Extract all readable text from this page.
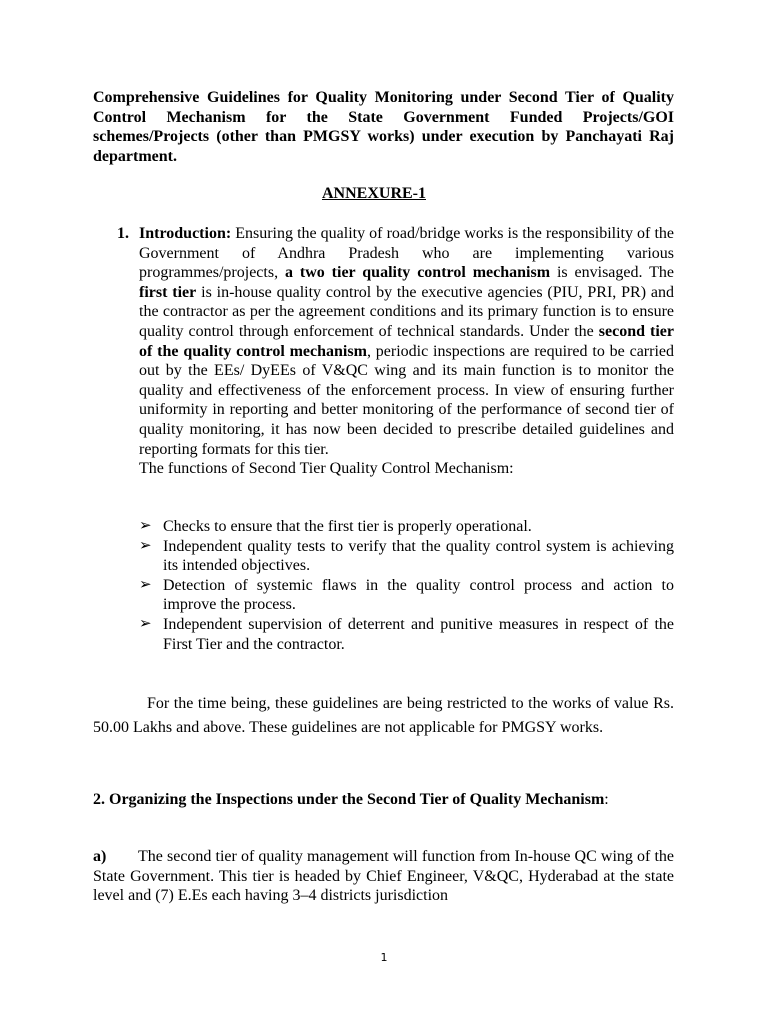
Comprehensive Guidelines for Quality Monitoring under Second Tier of Quality Control Mechanism for the State Government Funded Projects/GOI schemes/Projects (other than PMGSY works) under execution by Panchayati Raj department.

ANNEXURE-1
1. Introduction: Ensuring the quality of road/bridge works is the responsibility of the Government of Andhra Pradesh who are implementing various programmes/projects, a two tier quality control mechanism is envisaged. The first tier is in-house quality control by the executive agencies (PIU, PRI, PR) and the contractor as per the agreement conditions and its primary function is to ensure quality control through enforcement of technical standards. Under the second tier of the quality control mechanism, periodic inspections are required to be carried out by the EEs/ DyEEs of V&QC wing and its main function is to monitor the quality and effectiveness of the enforcement process. In view of ensuring further uniformity in reporting and better monitoring of the performance of second tier of quality monitoring, it has now been decided to prescribe detailed guidelines and reporting formats for this tier.
The functions of Second Tier Quality Control Mechanism:

➢ Checks to ensure that the first tier is properly operational.
➢ Independent quality tests to verify that the quality control system is achieving its intended objectives.
➢ Detection of systemic flaws in the quality control process and action to improve the process.
➢ Independent supervision of deterrent and punitive measures in respect of the First Tier and the contractor.

For the time being, these guidelines are being restricted to the works of value Rs. 50.00 Lakhs and above. These guidelines are not applicable for PMGSY works.

2. Organizing the Inspections under the Second Tier of Quality Mechanism:

a) The second tier of quality management will function from In-house QC wing of the State Government. This tier is headed by Chief Engineer, V&QC, Hyderabad at the state level and (7) E.Es each having 3–4 districts jurisdiction

1
